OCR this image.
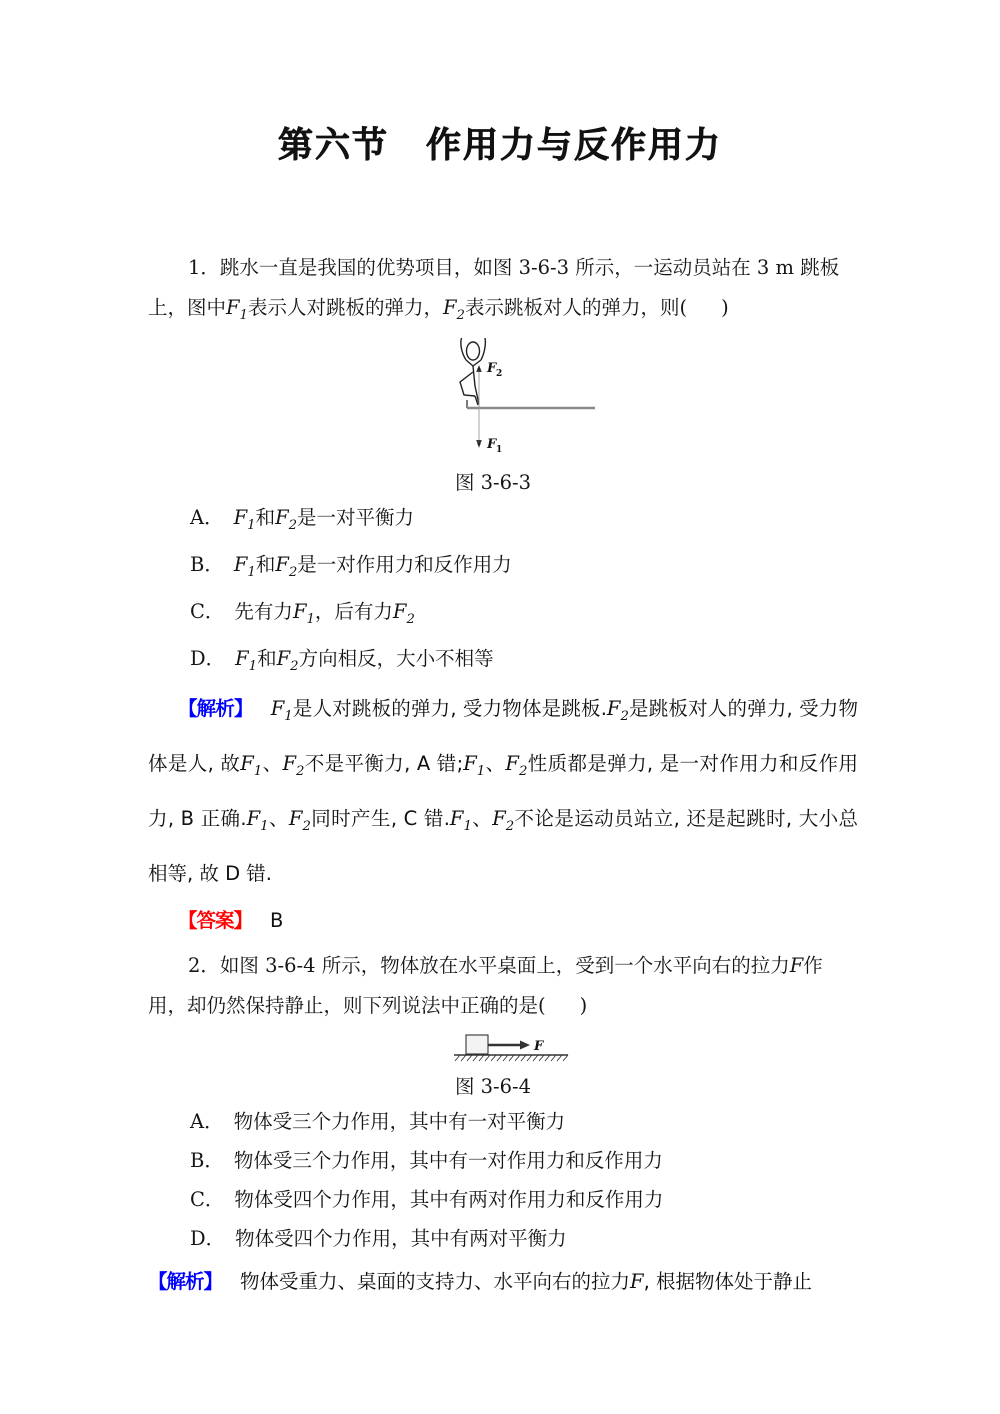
第六节　作用力与反作用力

1．跳水一直是我国的优势项目，如图 3-6-3 所示，一运动员站在 3 m 跳板

上，图中$F_1$表示人对跳板的弹力，$F_2$表示跳板对人的弹力，则( )

F 2
F 1

图 3-6-3

A． $F_1$和$F_2$是一对平衡力

B． $F_1$和$F_2$是一对作用力和反作用力

C． 先有力$F_1$，后有力$F_2$

D． $F_1$和$F_2$方向相反，大小不相等

【解析】 $F_1$是人对跳板的弹力, 受力物体是跳板$.F_2$是跳板对人的弹力, 受力物体是人, 故$F_1$、$F_2$不是平衡力, A 错$;F_1$、$F_2$性质都是弹力, 是一对作用力和反作用力, B 正确$.F_1$、$F_2$同时产生, C 错$.F_1$、$F_2$不论是运动员站立, 还是起跳时, 大小总相等, 故 D 错.

【答案】 B

2．如图 3-6-4 所示，物体放在水平桌面上，受到一个水平向右的拉力F作

用，却仍然保持静止，则下列说法中正确的是( )

F

图 3-6-4

A． 物体受三个力作用，其中有一对平衡力

B． 物体受三个力作用，其中有一对作用力和反作用力

C． 物体受四个力作用，其中有两对作用力和反作用力

D． 物体受四个力作用，其中有两对平衡力

【解析】 物体受重力、桌面的支持力、水平向右的拉力F, 根据物体处于静止
